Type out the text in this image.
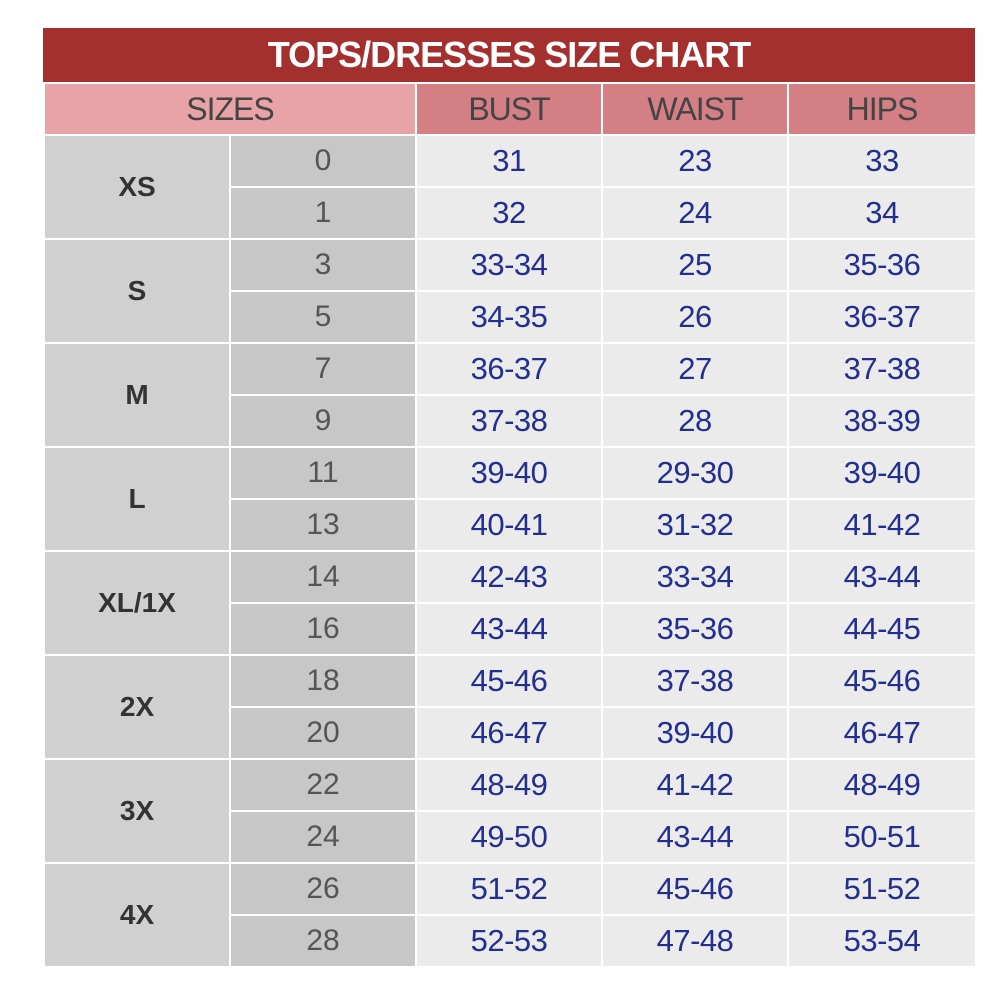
TOPS/DRESSES SIZE CHART
SIZES		BUST	WAIST	HIPS
XS	0	31	23	33
	1	32	24	34
S	3	33-34	25	35-36
	5	34-35	26	36-37
M	7	36-37	27	37-38
	9	37-38	28	38-39
L	11	39-40	29-30	39-40
	13	40-41	31-32	41-42
XL/1X	14	42-43	33-34	43-44
	16	43-44	35-36	44-45
2X	18	45-46	37-38	45-46
	20	46-47	39-40	46-47
3X	22	48-49	41-42	48-49
	24	49-50	43-44	50-51
4X	26	51-52	45-46	51-52
	28	52-53	47-48	53-54
